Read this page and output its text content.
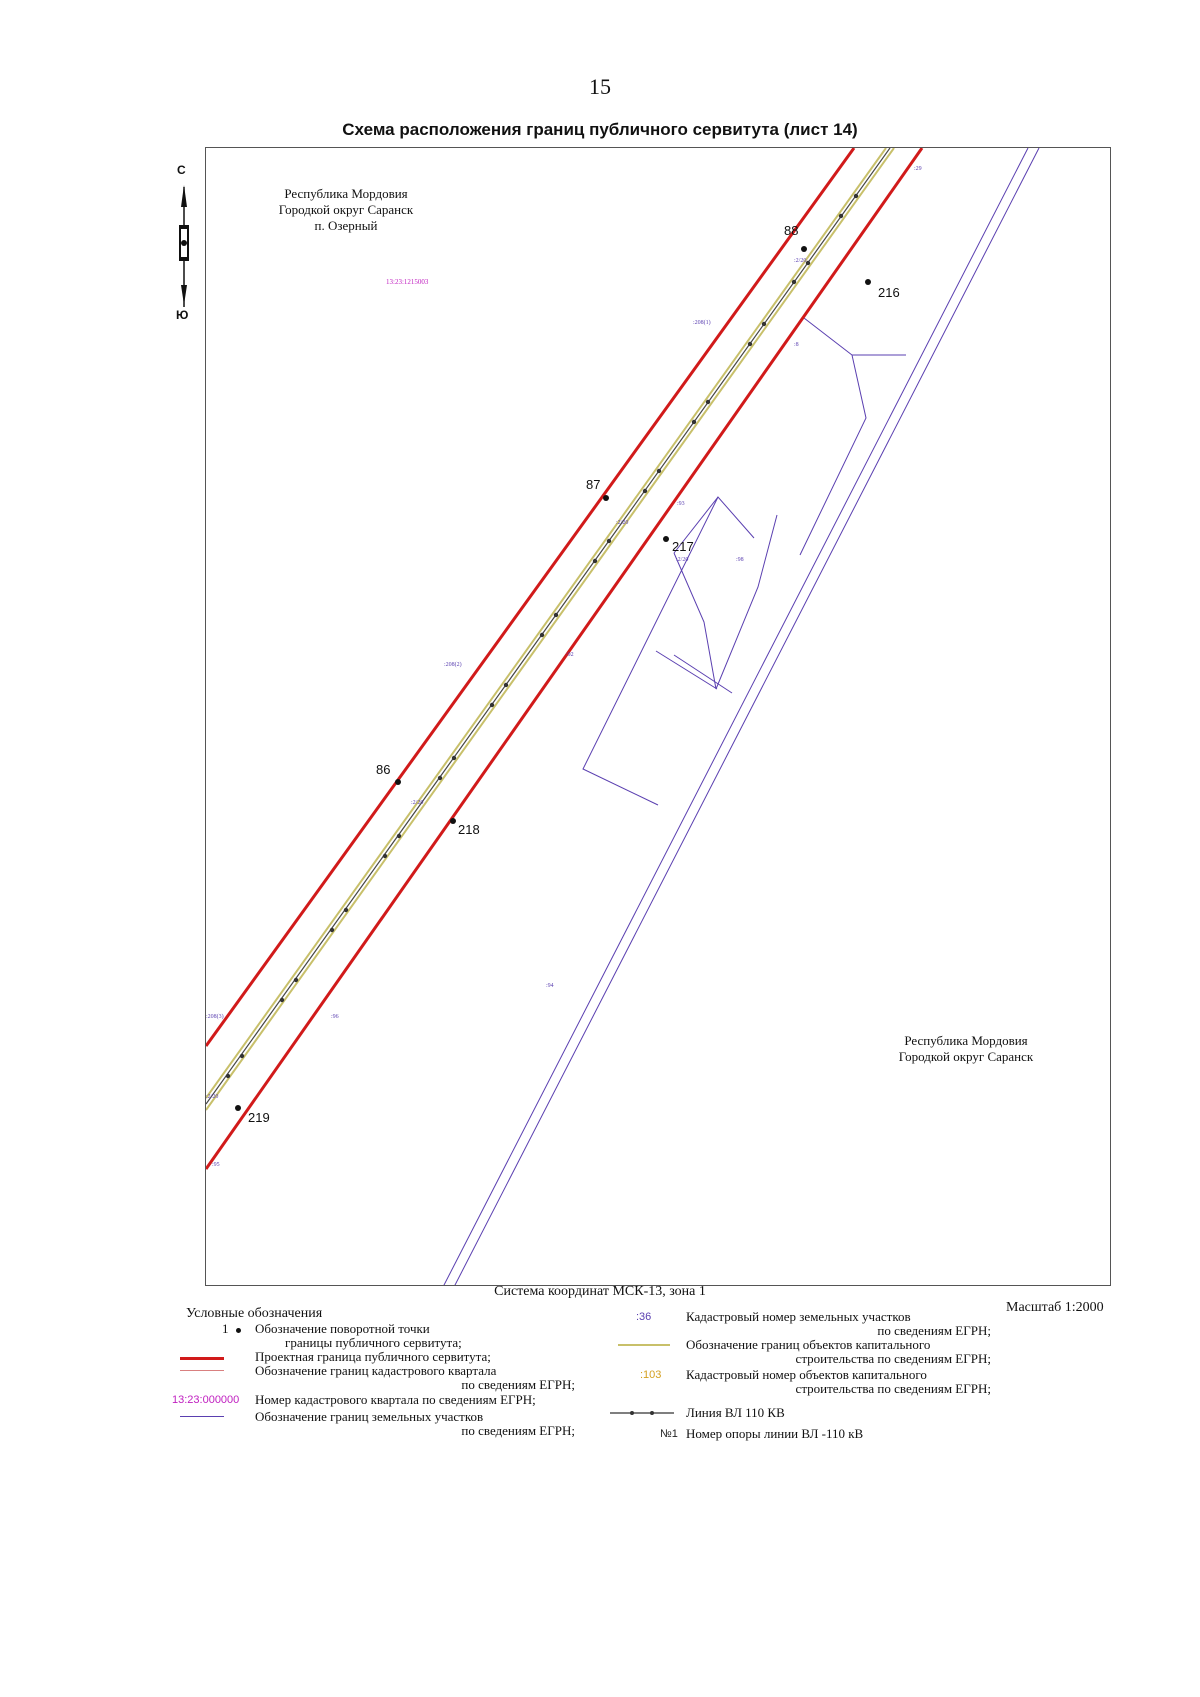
15
Схема расположения границ публичного сервитута (лист 14)
С
Ю
88
216
87
217
86
218
219
:208(1)
:2/20
:29
:208(2)
:93
:2/20
:98
:92
:2/20
:94
:96
:208(3)
:2/20
:95
:8
:2/20
13:23:1215003
Республика Мордовия
Городкой округ Саранск
п. Озерный
Республика Мордовия
Городкой округ Саранск
Система координат МСК-13, зона 1
Масштаб 1:2000
Условные обозначения
1	Обозначение поворотной точки
границы публичного сервитута;
Проектная граница публичного сервитута;
Обозначение границ кадастрового квартала
по сведениям ЕГРН;
13:23:000000 Номер кадастрового квартала по сведениям ЕГРН;
Обозначение границ земельных участков
по сведениям ЕГРН;
:36	Кадастровый номер земельных участков
по сведениям ЕГРН;
Обозначение границ объектов капитального
строительства по сведениям ЕГРН;
:103 Кадастровый номер объектов капитального
строительства по сведениям ЕГРН;
Линия ВЛ 110 КВ
№1 Номер опоры линии ВЛ -110 кВ
